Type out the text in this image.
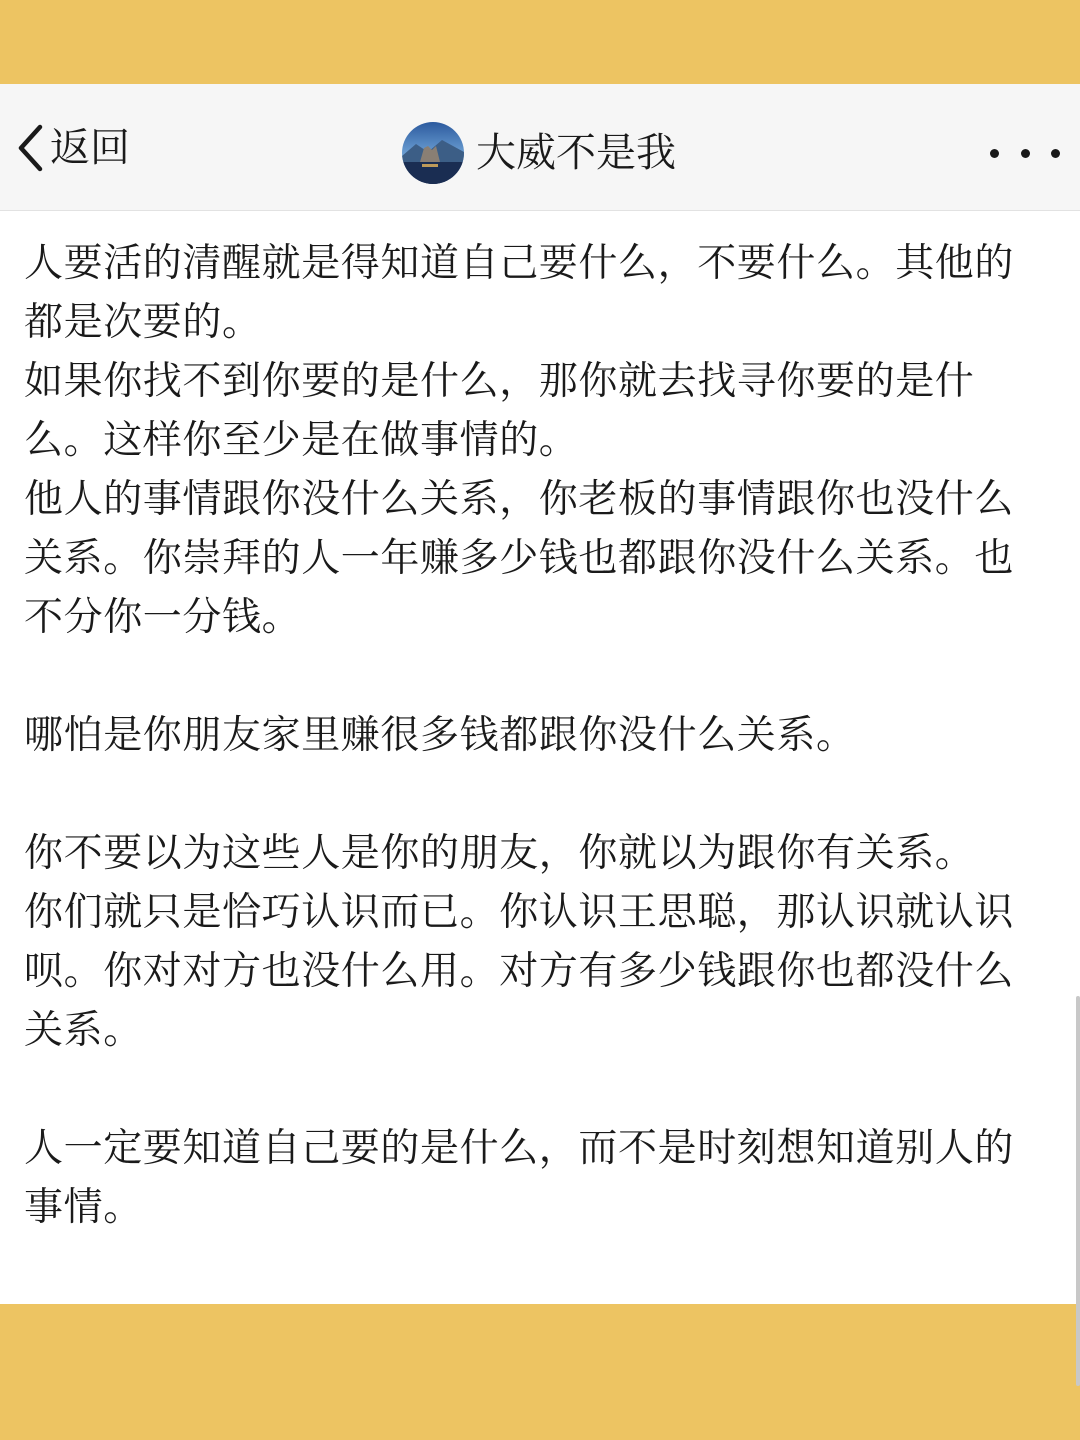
返回	大威不是我

人要活的清醒就是得知道自己要什么，不要什么。其他的都是次要的。

如果你找不到你要的是什么，那你就去找寻你要的是什么。这样你至少是在做事情的。

他人的事情跟你没什么关系，你老板的事情跟你也没什么关系。你崇拜的人一年赚多少钱也都跟你没什么关系。也不分你一分钱。

哪怕是你朋友家里赚很多钱都跟你没什么关系。

你不要以为这些人是你的朋友，你就以为跟你有关系。

你们就只是恰巧认识而已。你认识王思聪，那认识就认识呗。你对对方也没什么用。对方有多少钱跟你也都没什么关系。

人一定要知道自己要的是什么，而不是时刻想知道别人的事情。
